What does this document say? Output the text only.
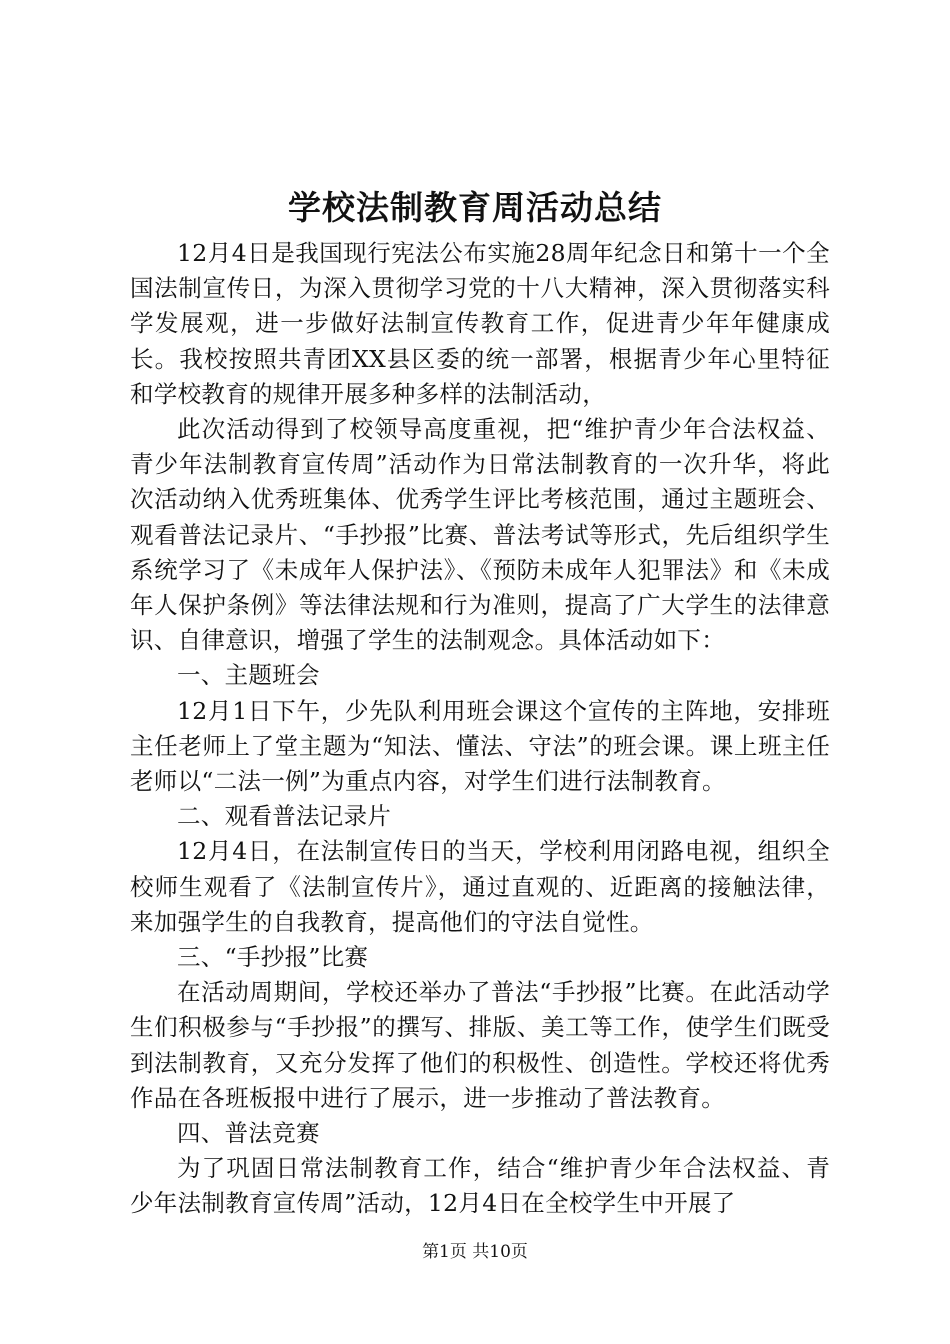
学校法制教育周活动总结

12月4日是我国现行宪法公布实施28周年纪念日和第十一个全国法制宣传日，为深入贯彻学习党的十八大精神，深入贯彻落实科学发展观，进一步做好法制宣传教育工作，促进青少年年健康成长。我校按照共青团XX县区委的统一部署，根据青少年心里特征和学校教育的规律开展多种多样的法制活动，

此次活动得到了校领导高度重视，把“维护青少年合法权益、青少年法制教育宣传周”活动作为日常法制教育的一次升华，将此次活动纳入优秀班集体、优秀学生评比考核范围，通过主题班会、观看普法记录片、“手抄报”比赛、普法考试等形式，先后组织学生系统学习了《未成年人保护法》、《预防未成年人犯罪法》和《未成年人保护条例》等法律法规和行为准则，提高了广大学生的法律意识、自律意识，增强了学生的法制观念。具体活动如下：

一、主题班会

12月1日下午，少先队利用班会课这个宣传的主阵地，安排班主任老师上了堂主题为“知法、懂法、守法”的班会课。课上班主任老师以“二法一例”为重点内容，对学生们进行法制教育。

二、观看普法记录片

12月4日，在法制宣传日的当天，学校利用闭路电视，组织全校师生观看了《法制宣传片》，通过直观的、近距离的接触法律，来加强学生的自我教育，提高他们的守法自觉性。

三、“手抄报”比赛

在活动周期间，学校还举办了普法“手抄报”比赛。在此活动学生们积极参与“手抄报”的撰写、排版、美工等工作，使学生们既受到法制教育，又充分发挥了他们的积极性、创造性。学校还将优秀作品在各班板报中进行了展示，进一步推动了普法教育。

四、普法竞赛

为了巩固日常法制教育工作，结合“维护青少年合法权益、青少年法制教育宣传周”活动，12月4日在全校学生中开展了

第1页 共10页
